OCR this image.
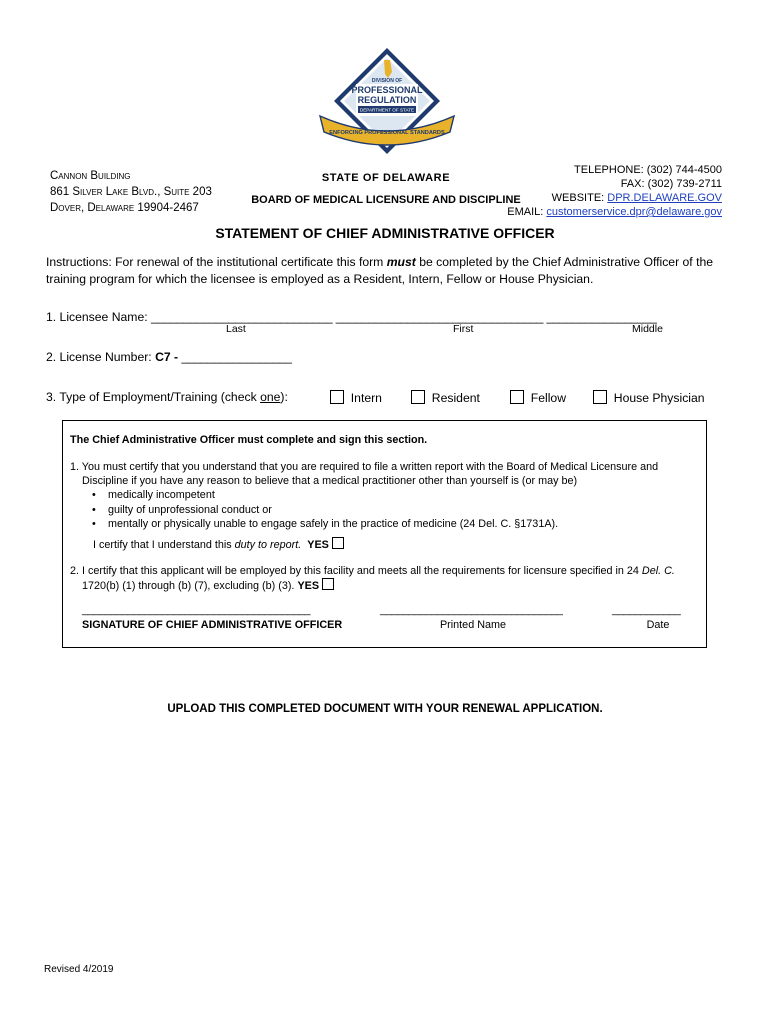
DIVISION OF
PROFESSIONAL
REGULATION
DEPARTMENT OF STATE
ENFORCING PROFESSIONAL STANDARDS
Cannon Building
861 Silver Lake Blvd., Suite 203
Dover, Delaware 19904-2467
STATE OF DELAWARE
BOARD OF MEDICAL LICENSURE AND DISCIPLINE
TELEPHONE: (302) 744-4500
FAX: (302) 739-2711
WEBSITE: DPR.DELAWARE.GOV
EMAIL: customerservice.dpr@delaware.gov
STATEMENT OF CHIEF ADMINISTRATIVE OFFICER
Instructions: For renewal of the institutional certificate this form must be completed by the Chief Administrative Officer of the training program for which the licensee is employed as a Resident, Intern, Fellow or House Physician.
1. Licensee Name: ____________________________ ________________________________ _________________
Last	First	Middle
2. License Number: C7 - _________________
3. Type of Employment/Training (check one):	Intern	Resident	Fellow	House Physician
The Chief Administrative Officer must complete and sign this section.
1. You must certify that you understand that you are required to file a written report with the Board of Medical Licensure and Discipline if you have any reason to believe that a medical practitioner other than yourself is (or may be)
• medically incompetent
• guilty of unprofessional conduct or
• mentally or physically unable to engage safely in the practice of medicine (24 Del. C. §1731A).
I certify that I understand this duty to report. YES
2. I certify that this applicant will be employed by this facility and meets all the requirements for licensure specified in 24 Del. C. 1720(b) (1) through (b) (7), excluding (b) (3). YES
________________________________________
SIGNATURE OF CHIEF ADMINISTRATIVE OFFICER
________________________________
Printed Name
____________
Date
UPLOAD THIS COMPLETED DOCUMENT WITH YOUR RENEWAL APPLICATION.
Revised 4/2019
